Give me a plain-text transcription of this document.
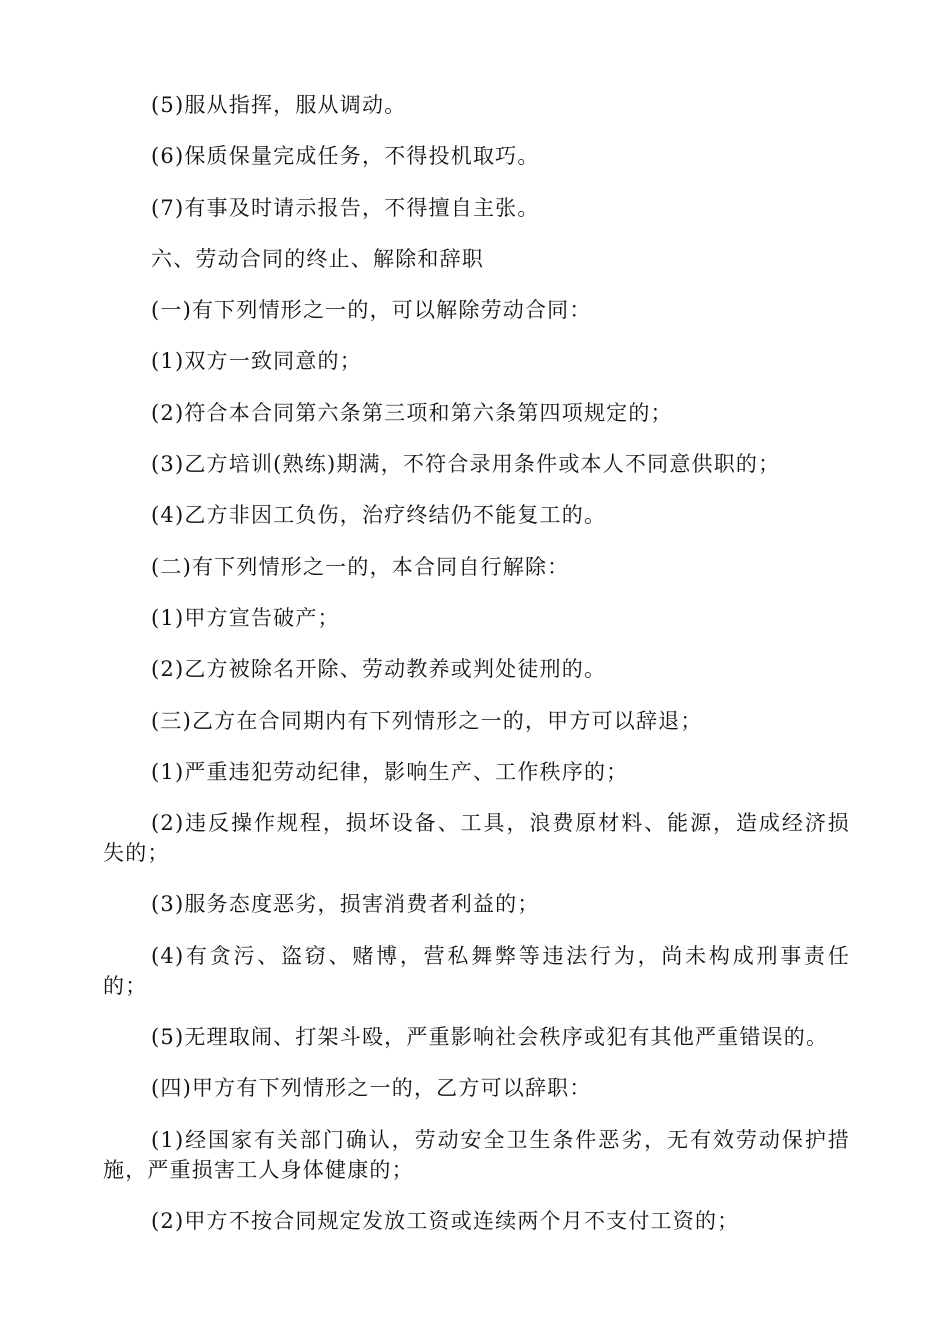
(5)服从指挥，服从调动。

(6)保质保量完成任务，不得投机取巧。

(7)有事及时请示报告，不得擅自主张。

六、劳动合同的终止、解除和辞职

(一)有下列情形之一的，可以解除劳动合同：

(1)双方一致同意的；

(2)符合本合同第六条第三项和第六条第四项规定的；

(3)乙方培训(熟练)期满，不符合录用条件或本人不同意供职的；

(4)乙方非因工负伤，治疗终结仍不能复工的。

(二)有下列情形之一的，本合同自行解除：

(1)甲方宣告破产；

(2)乙方被除名开除、劳动教养或判处徒刑的。

(三)乙方在合同期内有下列情形之一的，甲方可以辞退；

(1)严重违犯劳动纪律，影响生产、工作秩序的；

(2)违反操作规程，损坏设备、工具，浪费原材料、能源，造成经济损失的；

(3)服务态度恶劣，损害消费者利益的；

(4)有贪污、盗窃、赌博，营私舞弊等违法行为，尚未构成刑事责任的；

(5)无理取闹、打架斗殴，严重影响社会秩序或犯有其他严重错误的。

(四)甲方有下列情形之一的，乙方可以辞职：

(1)经国家有关部门确认，劳动安全卫生条件恶劣，无有效劳动保护措施，严重损害工人身体健康的；

(2)甲方不按合同规定发放工资或连续两个月不支付工资的；
